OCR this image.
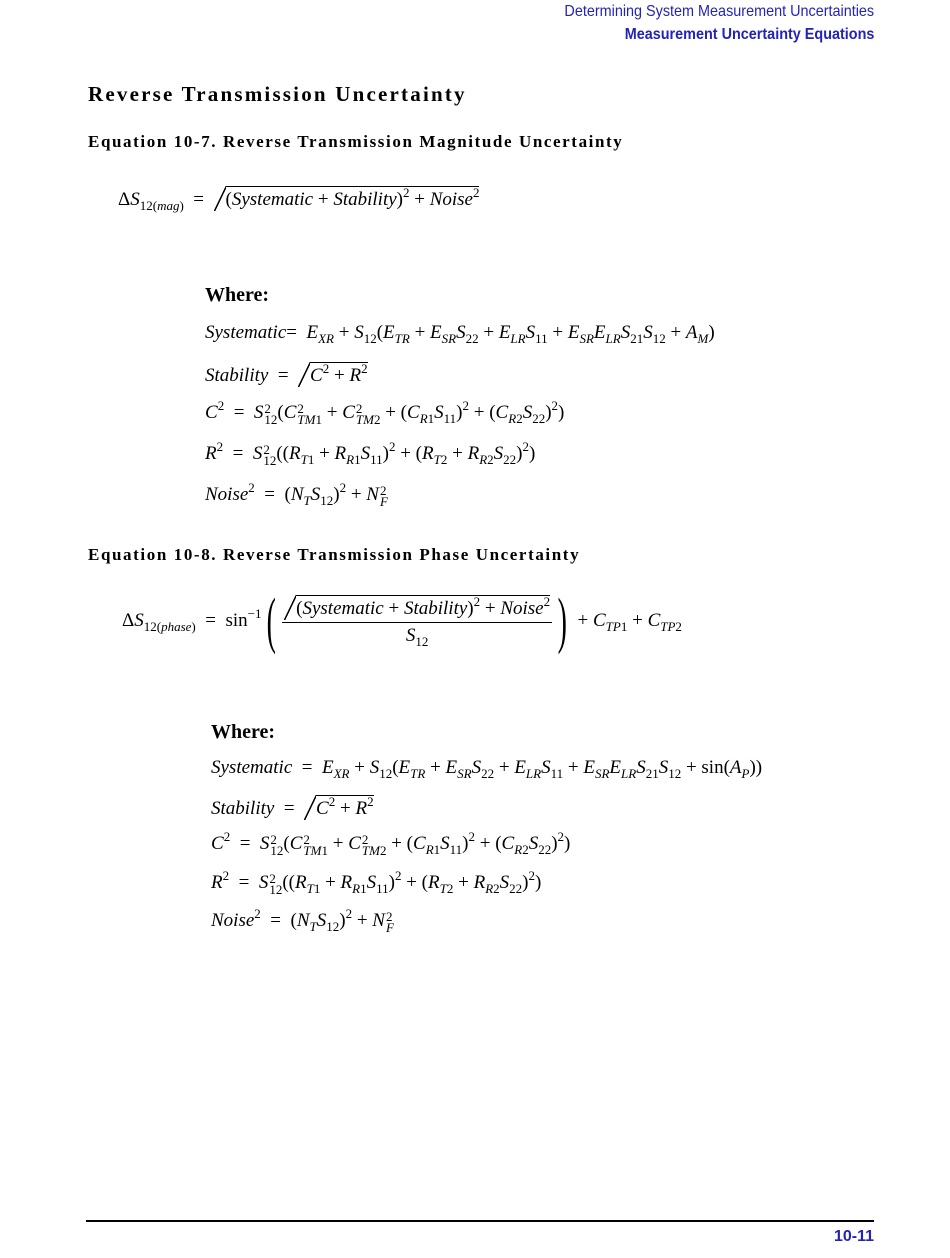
Determining System Measurement Uncertainties
Measurement Uncertainty Equations
Reverse Transmission Uncertainty
Equation 10-7. Reverse Transmission Magnitude Uncertainty
$\Delta S_{12(mag)}$  =  (Systematic + Stability)$^2$ + Noise$^2$
Where:
Systematic=  $E_{XR} + S_{12}(E_{TR} + E_{SR}S_{22} + E_{LR}S_{11} + E_{SR}E_{LR}S_{21}S_{12} + A_M)$
Stability  =  $C^2 + R^2$
$C^2 = S$ 2
12 (C 2
TM1 + C 2
$TM2 + (C_{R1}S_{11})^2 + (C_{R2}S_{22})^2$)
$R^2 = S$ 2
12 $((R_{T1} + R_{R1}S_{11})^2 + (R_{T2} + R_{R2}S_{22})^2)$
Noise$^2$  =  $(N_TS_{12})^2 + N$ 2
F
Equation 10-8. Reverse Transmission Phase Uncertainty
$\Delta S_{12(phase)} = \sin^{-1}( \frac{(Systematic + Stability)^2 + Noise^2}{S_{12}}$ ) + $C_{TP1} + C_{TP2}$
Where:
Systematic  =  $E_{XR} + S_{12}(E_{TR} + E_{SR}S_{22} + E_{LR}S_{11} + E_{SR}E_{LR}S_{21}S_{12} + \sin(A_P))$
Stability  =  $C^2 + R^2$
$C^2 = S$ 2
12 (C 2
TM1 + C 2
$TM2 + (C_{R1}S_{11})^2 + (C_{R2}S_{22})^2$)
$R^2 = S$ 2
12 $((R_{T1} + R_{R1}S_{11})^2 + (R_{T2} + R_{R2}S_{22})^2)$
Noise$^2$  =  $(N_TS_{12})^2 + N$ 2
F
10-11
